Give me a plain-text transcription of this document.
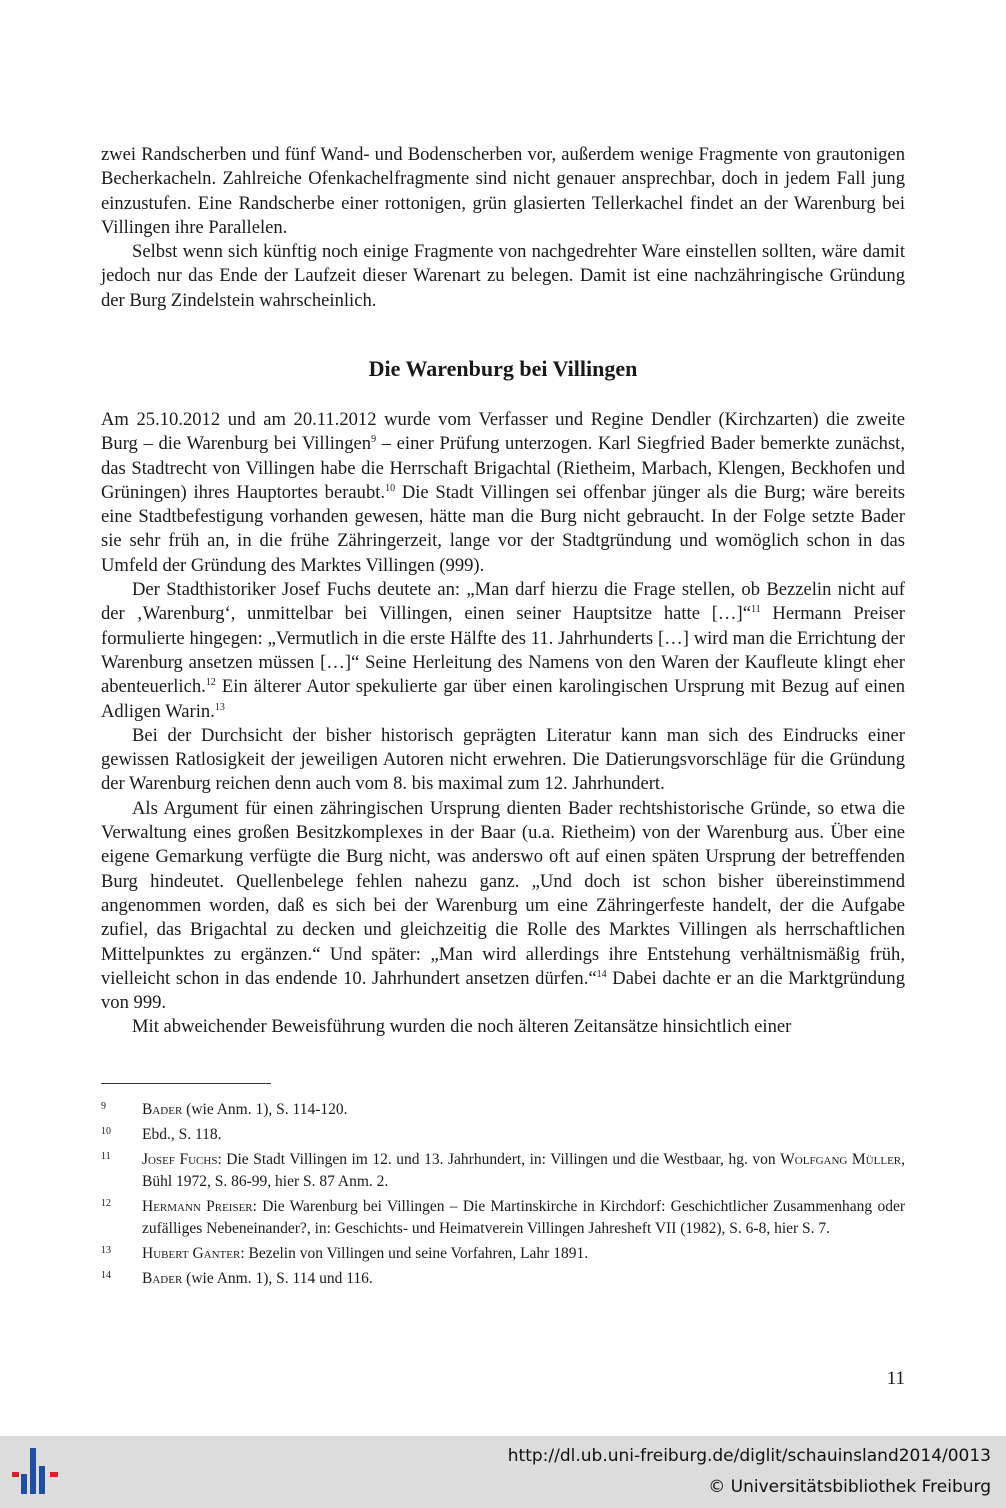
zwei Randscherben und fünf Wand- und Bodenscherben vor, außerdem wenige Fragmente von grautonigen Becherkacheln. Zahlreiche Ofenkachelfragmente sind nicht genauer ansprechbar, doch in jedem Fall jung einzustufen. Eine Randscherbe einer rottonigen, grün glasierten Tellerkachel findet an der Warenburg bei Villingen ihre Parallelen.

Selbst wenn sich künftig noch einige Fragmente von nachgedrehter Ware einstellen sollten, wäre damit jedoch nur das Ende der Laufzeit dieser Warenart zu belegen. Damit ist eine nachzähringische Gründung der Burg Zindelstein wahrscheinlich.

Die Warenburg bei Villingen

Am 25.10.2012 und am 20.11.2012 wurde vom Verfasser und Regine Dendler (Kirchzarten) die zweite Burg – die Warenburg bei Villingen$^9$ – einer Prüfung unterzogen. Karl Siegfried Bader bemerkte zunächst, das Stadtrecht von Villingen habe die Herrschaft Brigachtal (Rietheim, Marbach, Klengen, Beckhofen und Grüningen) ihres Hauptortes beraubt.$^{10}$ Die Stadt Villingen sei offenbar jünger als die Burg; wäre bereits eine Stadtbefestigung vorhanden gewesen, hätte man die Burg nicht gebraucht. In der Folge setzte Bader sie sehr früh an, in die frühe Zähringerzeit, lange vor der Stadtgründung und womöglich schon in das Umfeld der Gründung des Marktes Villingen (999).

Der Stadthistoriker Josef Fuchs deutete an: „Man darf hierzu die Frage stellen, ob Bezzelin nicht auf der ‚Warenburg‘, unmittelbar bei Villingen, einen seiner Hauptsitze hatte […]“$^{11}$ Hermann Preiser formulierte hingegen: „Vermutlich in die erste Hälfte des 11. Jahrhunderts […] wird man die Errichtung der Warenburg ansetzen müssen […]“ Seine Herleitung des Namens von den Waren der Kaufleute klingt eher abenteuerlich.$^{12}$ Ein älterer Autor spekulierte gar über einen karolingischen Ursprung mit Bezug auf einen Adligen Warin.$^{13}$

Bei der Durchsicht der bisher historisch geprägten Literatur kann man sich des Eindrucks einer gewissen Ratlosigkeit der jeweiligen Autoren nicht erwehren. Die Datierungsvorschläge für die Gründung der Warenburg reichen denn auch vom 8. bis maximal zum 12. Jahrhundert.

Als Argument für einen zähringischen Ursprung dienten Bader rechtshistorische Gründe, so etwa die Verwaltung eines großen Besitzkomplexes in der Baar (u.a. Rietheim) von der Warenburg aus. Über eine eigene Gemarkung verfügte die Burg nicht, was anderswo oft auf einen späten Ursprung der betreffenden Burg hindeutet. Quellenbelege fehlen nahezu ganz. „Und doch ist schon bisher übereinstimmend angenommen worden, daß es sich bei der Warenburg um eine Zähringerfeste handelt, der die Aufgabe zufiel, das Brigachtal zu decken und gleichzeitig die Rolle des Marktes Villingen als herrschaftlichen Mittelpunktes zu ergänzen.“ Und später: „Man wird allerdings ihre Entstehung verhältnismäßig früh, vielleicht schon in das endende 10. Jahrhundert ansetzen dürfen.“$^{14}$ Dabei dachte er an die Marktgründung von 999.

Mit abweichender Beweisführung wurden die noch älteren Zeitansätze hinsichtlich einer

9 Bader (wie Anm. 1), S. 114-120.
10 Ebd., S. 118.
11 Josef Fuchs: Die Stadt Villingen im 12. und 13. Jahrhundert, in: Villingen und die Westbaar, hg. von Wolfgang Müller, Bühl 1972, S. 86-99, hier S. 87 Anm. 2.
12 Hermann Preiser: Die Warenburg bei Villingen – Die Martinskirche in Kirchdorf: Geschichtlicher Zusammenhang oder zufälliges Nebeneinander?, in: Geschichts- und Heimatverein Villingen Jahresheft VII (1982), S. 6-8, hier S. 7.
13 Hubert Ganter: Bezelin von Villingen und seine Vorfahren, Lahr 1891.
14 Bader (wie Anm. 1), S. 114 und 116.
11
http://dl.ub.uni-freiburg.de/diglit/schauinsland2014/0013
© Universitätsbibliothek Freiburg
